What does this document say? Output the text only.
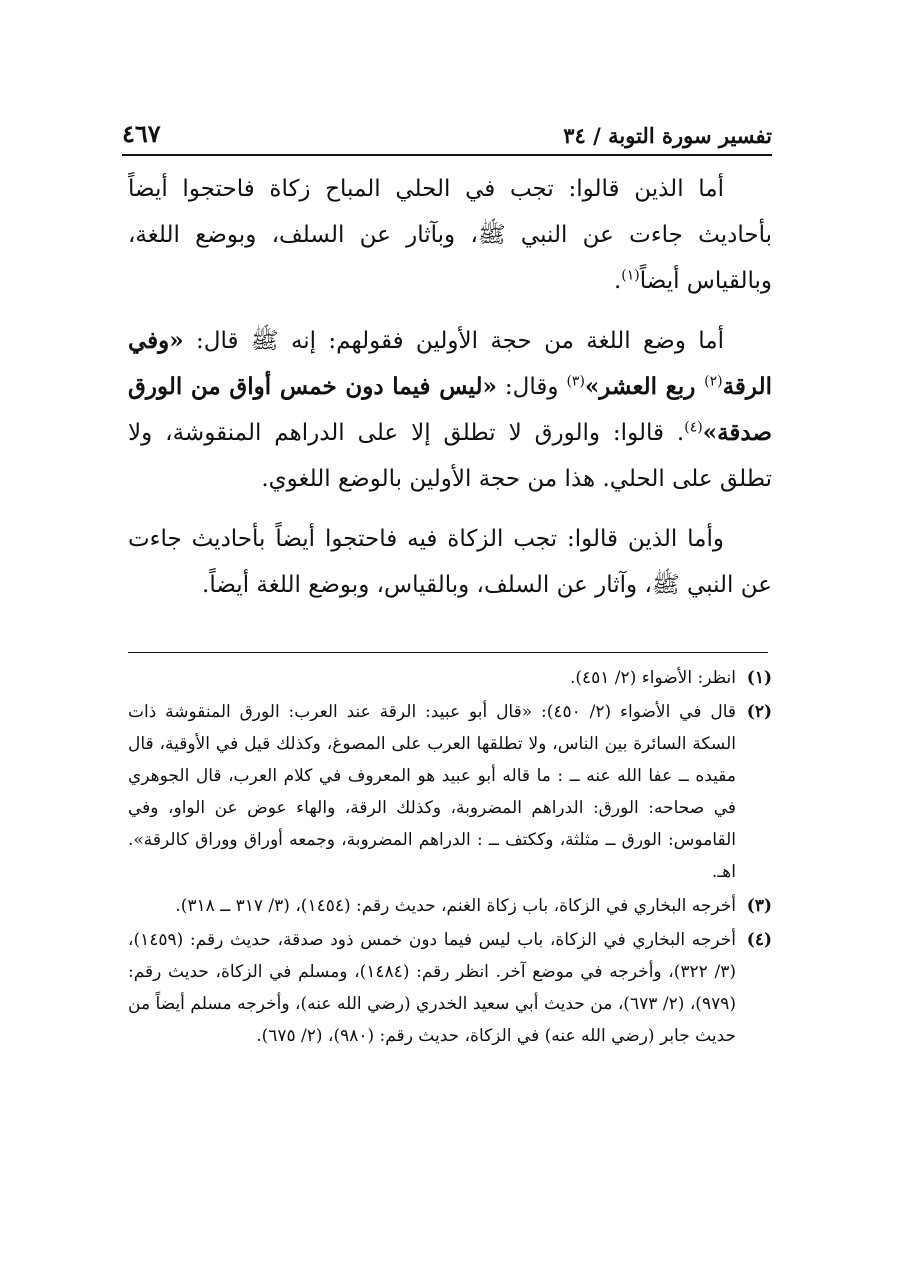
تفسير سورة التوبة / ٣٤
٤٦٧

أما الذين قالوا: تجب في الحلي المباح زكاة فاحتجوا أيضاً بأحاديث جاءت عن النبي ﷺ، وبآثار عن السلف، وبوضع اللغة، وبالقياس أيضاً$^{(١)}$.

أما وضع اللغة من حجة الأولين فقولهم: إنه ﷺ قال: «وفي الرقة$^{(٢)}$ ربع العشر»$^{(٣)}$ وقال: «ليس فيما دون خمس أواق من الورق صدقة»$^{(٤)}$. قالوا: والورق لا تطلق إلا على الدراهم المنقوشة، ولا تطلق على الحلي. هذا من حجة الأولين بالوضع اللغوي.

وأما الذين قالوا: تجب الزكاة فيه فاحتجوا أيضاً بأحاديث جاءت عن النبي ﷺ، وآثار عن السلف، وبالقياس، وبوضع اللغة أيضاً.

(١)
انظر: الأضواء (٢/ ٤٥١).
(٢)
قال في الأضواء (٢/ ٤٥٠): «قال أبو عبيد: الرقة عند العرب: الورق المنقوشة ذات السكة السائرة بين الناس، ولا تطلقها العرب على المصوغ، وكذلك قيل في الأوقية، قال مقيده ــ عفا الله عنه ــ : ما قاله أبو عبيد هو المعروف في كلام العرب، قال الجوهري في صحاحه: الورق: الدراهم المضروبة، وكذلك الرقة، والهاء عوض عن الواو، وفي القاموس: الورق ــ مثلثة، وككتف ــ : الدراهم المضروبة، وجمعه أوراق ووراق كالرقة». اهـ.
(٣)
أخرجه البخاري في الزكاة، باب زكاة الغنم، حديث رقم: (١٤٥٤)، (٣/ ٣١٧ ــ ٣١٨).
(٤)
أخرجه البخاري في الزكاة، باب ليس فيما دون خمس ذود صدقة، حديث رقم: (١٤٥٩)، (٣/ ٣٢٢)، وأخرجه في موضع آخر. انظر رقم: (١٤٨٤)، ومسلم في الزكاة، حديث رقم: (٩٧٩)، (٢/ ٦٧٣)، من حديث أبي سعيد الخدري (رضي الله عنه)، وأخرجه مسلم أيضاً من حديث جابر (رضي الله عنه) في الزكاة، حديث رقم: (٩٨٠)، (٢/ ٦٧٥).
